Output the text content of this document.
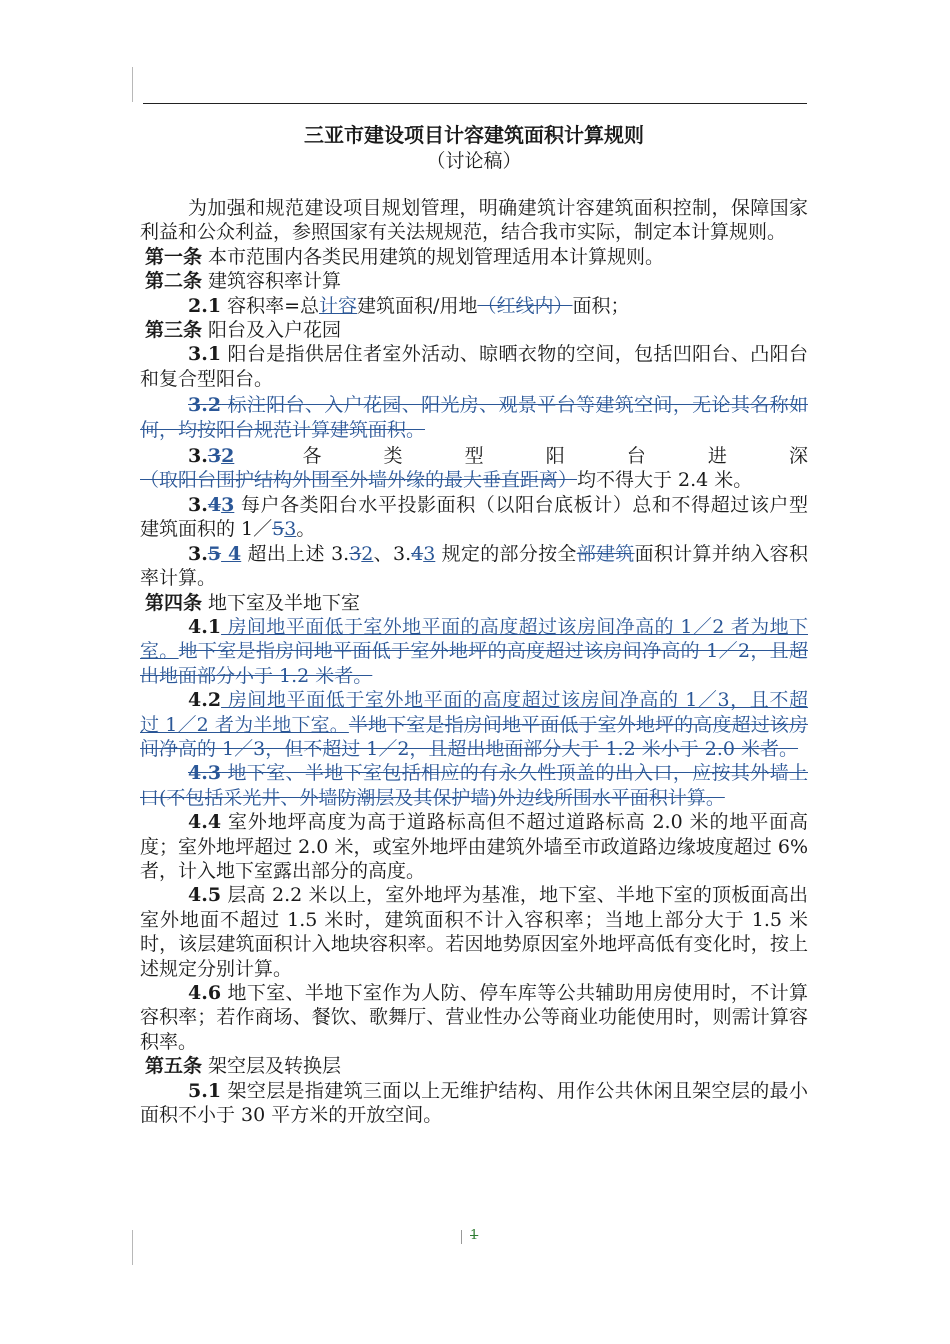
三亚市建设项目计容建筑面积计算规则
（讨论稿）

为加强和规范建设项目规划管理，明确建筑计容建筑面积控制，保障国家利益和公众利益，参照国家有关法规规范，结合我市实际，制定本计算规则。

第一条 本市范围内各类民用建筑的规划管理适用本计算规则。

第二条 建筑容积率计算

2.1 容积率=总计容建筑面积/用地（红线内）面积；

第三条 阳台及入户花园

3.1 阳台是指供居住者室外活动、晾晒衣物的空间，包括凹阳台、凸阳台和复合型阳台。

3.2 标注阳台、入户花园、阳光房、观景平台等建筑空间，无论其名称如何，均按阳台规范计算建筑面积。

3.32 各类型阳台进深（取阳台围护结构外围至外墙外缘的最大垂直距离）均不得大于 2.4 米。

3.43 每户各类阳台水平投影面积（以阳台底板计）总和不得超过该户型建筑面积的 1／53。

3.5 4 超出上述 3.32、3.43 规定的部分按全部建筑面积计算并纳入容积率计算。

第四条 地下室及半地下室

4.1 房间地平面低于室外地平面的高度超过该房间净高的 1／2 者为地下室。地下室是指房间地平面低于室外地坪的高度超过该房间净高的 1／2，且超出地面部分小于 1.2 米者。

4.2 房间地平面低于室外地平面的高度超过该房间净高的 1／3，且不超过 1／2 者为半地下室。半地下室是指房间地平面低于室外地坪的高度超过该房间净高的 1／3，但不超过 1／2，且超出地面部分大于 1.2 米小于 2.0 米者。

4.3 地下室、半地下室包括相应的有永久性顶盖的出入口，应按其外墙上口(不包括采光井、外墙防潮层及其保护墙)外边线所围水平面积计算。

4.4 室外地坪高度为高于道路标高但不超过道路标高 2.0 米的地平面高度；室外地坪超过 2.0 米，或室外地坪由建筑外墙至市政道路边缘坡度超过 6%者，计入地下室露出部分的高度。

4.5 层高 2.2 米以上，室外地坪为基准，地下室、半地下室的顶板面高出室外地面不超过 1.5 米时，建筑面积不计入容积率；当地上部分大于 1.5 米时，该层建筑面积计入地块容积率。若因地势原因室外地坪高低有变化时，按上述规定分别计算。

4.6 地下室、半地下室作为人防、停车库等公共辅助用房使用时，不计算容积率；若作商场、餐饮、歌舞厅、营业性办公等商业功能使用时，则需计算容积率。

第五条 架空层及转换层

5.1 架空层是指建筑三面以上无维护结构、用作公共休闲且架空层的最小面积不小于 30 平方米的开放空间。

1
